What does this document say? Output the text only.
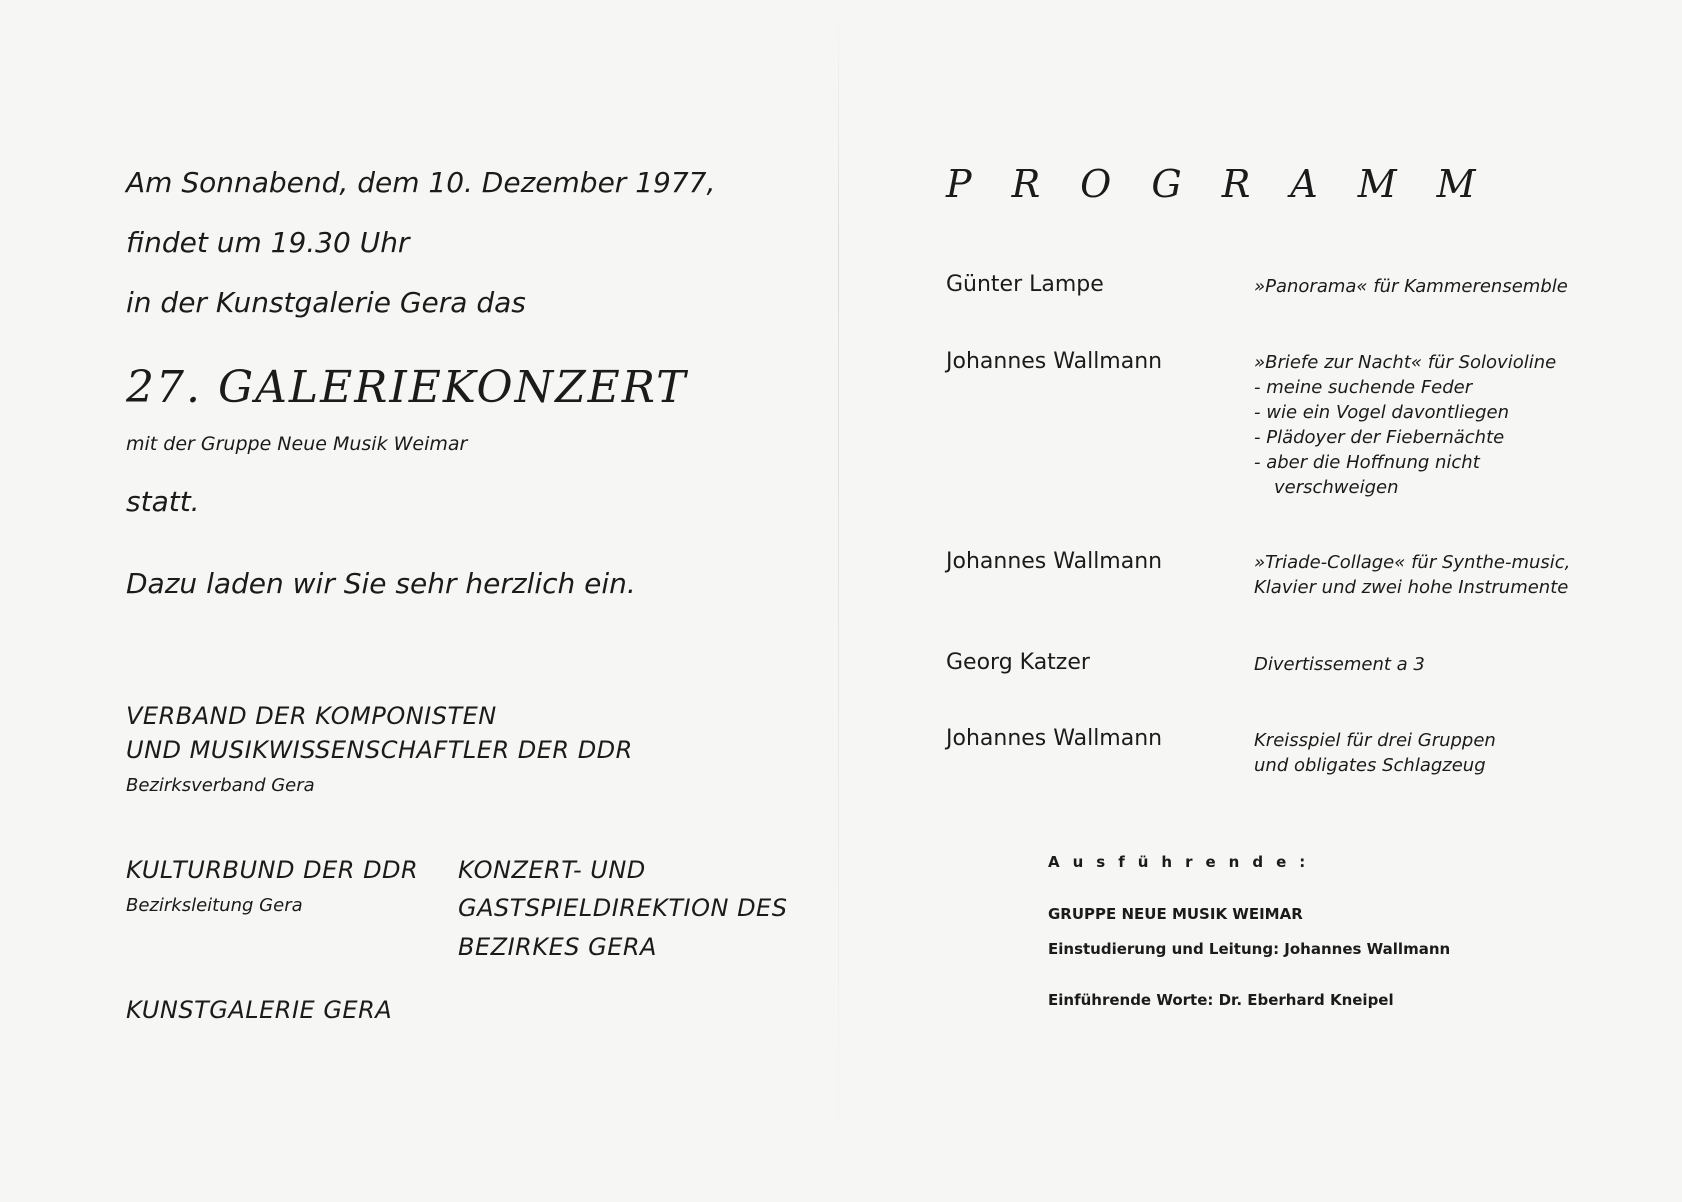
Am Sonnabend, dem 10. Dezember 1977,
findet um 19.30 Uhr
in der Kunstgalerie Gera das
27. GALERIEKONZERT
mit der Gruppe Neue Musik Weimar
statt.
Dazu laden wir Sie sehr herzlich ein.
VERBAND DER KOMPONISTEN
UND MUSIKWISSENSCHAFTLER DER DDR
Bezirksverband Gera
KULTURBUND DER DDR
Bezirksleitung Gera
KONZERT- UND
GASTSPIELDIREKTION DES
BEZIRKES GERA
KUNSTGALERIE GERA
PROGRAMM
Günter Lampe	»Panorama« für Kammerensemble
Johannes Wallmann	»Briefe zur Nacht« für Solovioline
- meine suchende Feder
- wie ein Vogel davontliegen
- Plädoyer der Fiebernächte
- aber die Hoffnung nicht
verschweigen
Johannes Wallmann	»Triade-Collage« für Synthe-music,
Klavier und zwei hohe Instrumente
Georg Katzer	Divertissement a 3
Johannes Wallmann	Kreisspiel für drei Gruppen
und obligates Schlagzeug
Ausführende:
GRUPPE NEUE MUSIK WEIMAR
Einstudierung und Leitung: Johannes Wallmann
Einführende Worte: Dr. Eberhard Kneipel
